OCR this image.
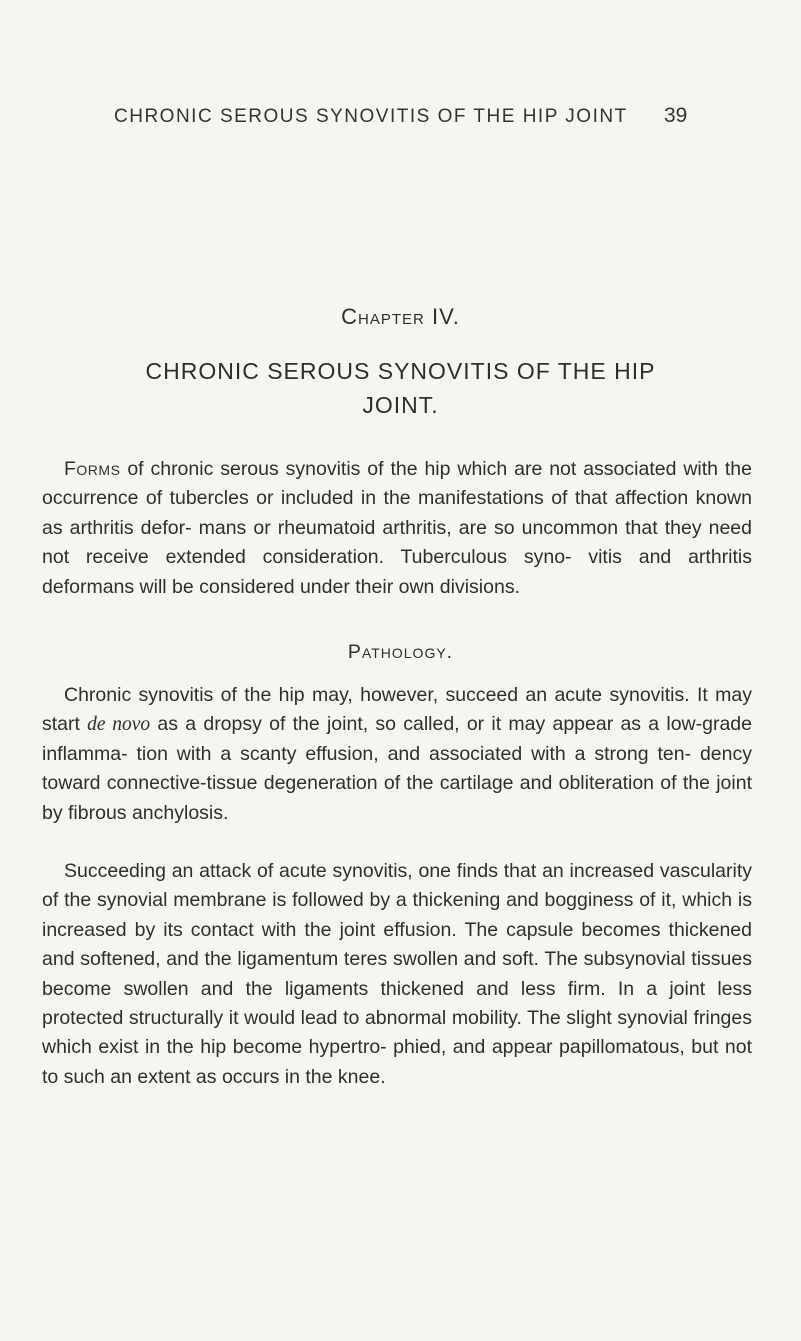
CHRONIC SEROUS SYNOVITIS OF THE HIP JOINT	39
Chapter IV.
CHRONIC SEROUS SYNOVITIS OF THE HIP JOINT.

Forms of chronic serous synovitis of the hip which are not associated with the occurrence of tubercles or included in the manifestations of that affection known as arthritis defor- mans or rheumatoid arthritis, are so uncommon that they need not receive extended consideration. Tuberculous syno- vitis and arthritis deformans will be considered under their own divisions.

Pathology.

Chronic synovitis of the hip may, however, succeed an acute synovitis. It may start de novo as a dropsy of the joint, so called, or it may appear as a low-grade inflamma- tion with a scanty effusion, and associated with a strong ten- dency toward connective-tissue degeneration of the cartilage and obliteration of the joint by fibrous anchylosis.

Succeeding an attack of acute synovitis, one finds that an increased vascularity of the synovial membrane is followed by a thickening and bogginess of it, which is increased by its contact with the joint effusion. The capsule becomes thickened and softened, and the ligamentum teres swollen and soft. The subsynovial tissues become swollen and the ligaments thickened and less firm. In a joint less protected structurally it would lead to abnormal mobility. The slight synovial fringes which exist in the hip become hypertro- phied, and appear papillomatous, but not to such an extent as occurs in the knee.
